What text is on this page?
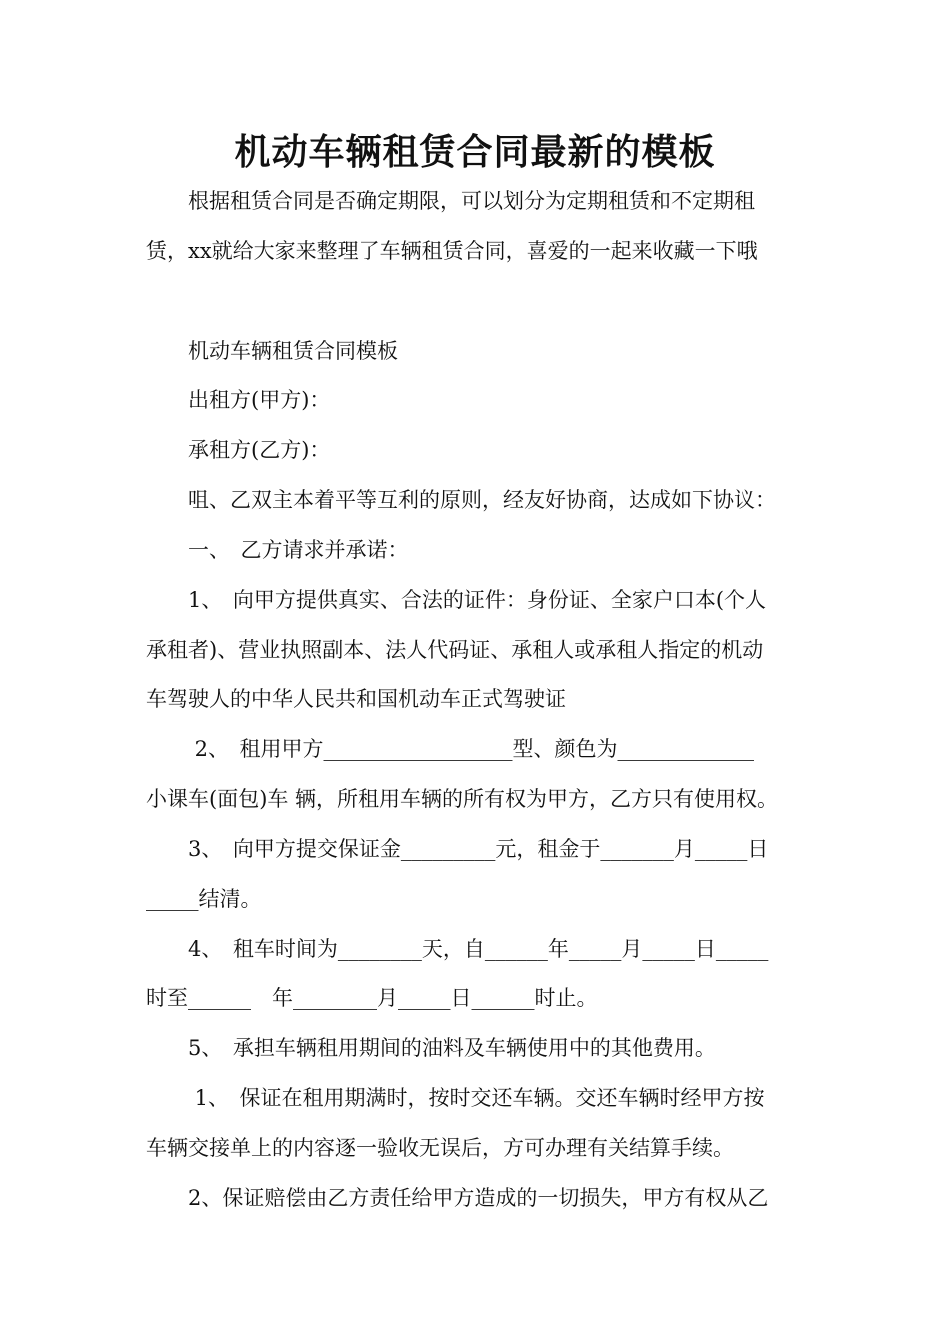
机动车辆租赁合同最新的模板

　　根据租赁合同是否确定期限，可以划分为定期租赁和不定期租

赁，xx就给大家来整理了车辆租赁合同，喜爱的一起来收藏一下哦

　　机动车辆租赁合同模板

　　出租方(甲方)：

　　承租方(乙方)：

　　咀、乙双主本着平等互利的原则，经友好协商，达成如下协议：

　　一、　乙方请求并承诺：

　　1、　向甲方提供真实、合法的证件：身份证、全家户口本(个人

承租者)、营业执照副本、法人代码证、承租人或承租人指定的机动

车驾驶人的中华人民共和国机动车正式驾驶证

　　 2、　租用甲方__________________型、颜色为_____________

小课车(面包)车 辆，所租用车辆的所有权为甲方，乙方只有使用权。

　　3、　向甲方提交保证金_________元，租金于_______月_____日

_____结清。

　　4、　租车时间为________天，自______年_____月_____日_____

时至______　年________月_____日______时止。

　　5、　承担车辆租用期间的油料及车辆使用中的其他费用。

　　 1、　保证在租用期满时，按时交还车辆。交还车辆时经甲方按

车辆交接单上的内容逐一验收无误后，方可办理有关结算手续。

　　2、保证赔偿由乙方责任给甲方造成的一切损失，甲方有权从乙
